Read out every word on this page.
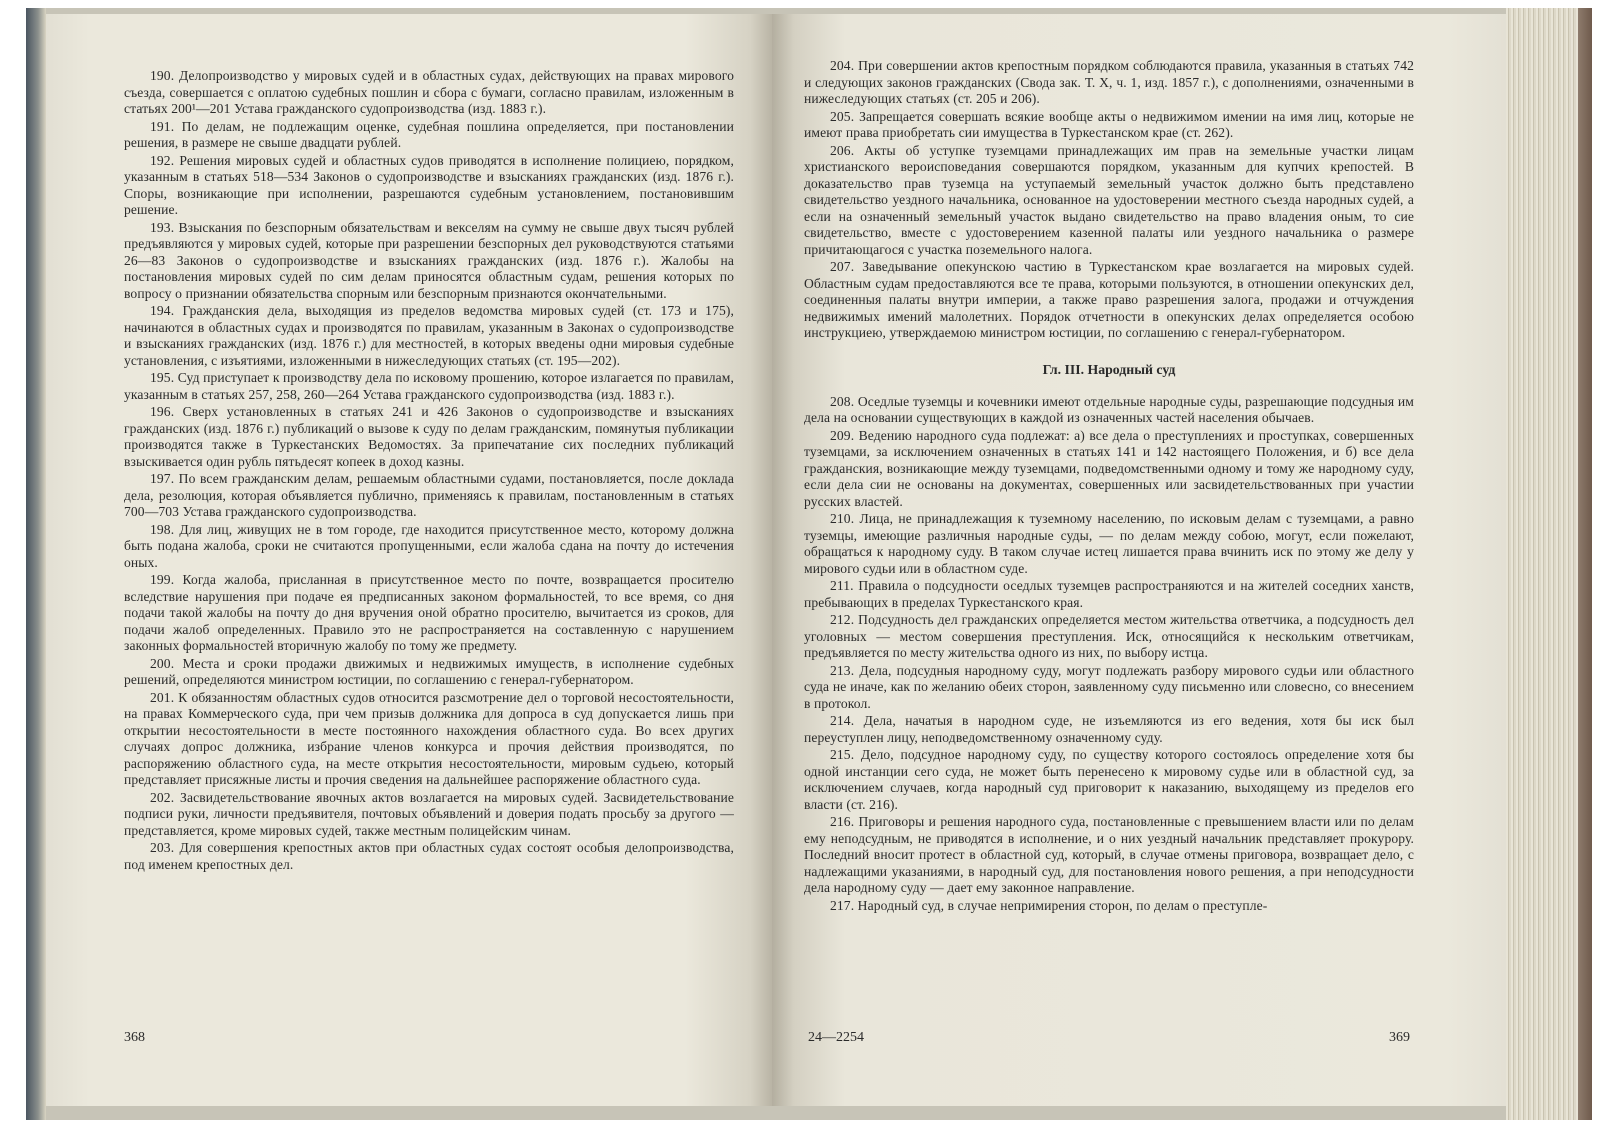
190. Делопроизводство у мировых судей и в областных судах, действующих на правах мирового съезда, совершается с оплатою судебных пошлин и сбора с бумаги, согласно правилам, изложенным в статьях 200¹—201 Устава гражданского судопроизводства (изд. 1883 г.).

191. По делам, не подлежащим оценке, судебная пошлина определяется, при постановлении решения, в размере не свыше двадцати рублей.

192. Решения мировых судей и областных судов приводятся в исполнение полициею, порядком, указанным в статьях 518—534 Законов о судопроизводстве и взысканиях гражданских (изд. 1876 г.). Споры, возникающие при исполнении, разрешаются судебным установлением, постановившим решение.

193. Взыскания по безспорным обязательствам и векселям на сумму не свыше двух тысяч рублей предъявляются у мировых судей, которые при разрешении безспорных дел руководствуются статьями 26—83 Законов о судопроизводстве и взысканиях гражданских (изд. 1876 г.). Жалобы на постановления мировых судей по сим делам приносятся областным судам, решения которых по вопросу о признании обязательства спорным или безспорным признаются окончательными.

194. Гражданския дела, выходящия из пределов ведомства мировых судей (ст. 173 и 175), начинаются в областных судах и производятся по правилам, указанным в Законах о судопроизводстве и взысканиях гражданских (изд. 1876 г.) для местностей, в которых введены одни мировыя судебные установления, с изъятиями, изложенными в нижеследующих статьях (ст. 195—202).

195. Суд приступает к производству дела по исковому прошению, которое излагается по правилам, указанным в статьях 257, 258, 260—264 Устава гражданского судопроизводства (изд. 1883 г.).

196. Сверх установленных в статьях 241 и 426 Законов о судопроизводстве и взысканиях гражданских (изд. 1876 г.) публикаций о вызове к суду по делам гражданским, помянутыя публикации производятся также в Туркестанских Ведомостях. За припечатание сих последних публикаций взыскивается один рубль пятьдесят копеек в доход казны.

197. По всем гражданским делам, решаемым областными судами, постановляется, после доклада дела, резолюция, которая объявляется публично, применяясь к правилам, постановленным в статьях 700—703 Устава гражданского судопроизводства.

198. Для лиц, живущих не в том городе, где находится присутственное место, которому должна быть подана жалоба, сроки не считаются пропущенными, если жалоба сдана на почту до истечения оных.

199. Когда жалоба, присланная в присутственное место по почте, возвращается просителю вследствие нарушения при подаче ея предписанных законом формальностей, то все время, со дня подачи такой жалобы на почту до дня вручения оной обратно просителю, вычитается из сроков, для подачи жалоб определенных. Правило это не распространяется на составленную с нарушением законных формальностей вторичную жалобу по тому же предмету.

200. Места и сроки продажи движимых и недвижимых имуществ, в исполнение судебных решений, определяются министром юстиции, по соглашению с генерал-губернатором.

201. К обязанностям областных судов относится разсмотрение дел о торговой несостоятельности, на правах Коммерческого суда, при чем призыв должника для допроса в суд допускается лишь при открытии несостоятельности в месте постоянного нахождения областного суда. Во всех других случаях допрос должника, избрание членов конкурса и прочия действия производятся, по распоряжению областного суда, на месте открытия несостоятельности, мировым судьею, который представляет присяжные листы и прочия сведения на дальнейшее распоряжение областного суда.

202. Засвидетельствование явочных актов возлагается на мировых судей. Засвидетельствование подписи руки, личности предъявителя, почтовых объявлений и доверия подать просьбу за другого — представляется, кроме мировых судей, также местным полицейским чинам.

203. Для совершения крепостных актов при областных судах состоят особыя делопроизводства, под именем крепостных дел.

368

204. При совершении актов крепостным порядком соблюдаются правила, указанныя в статьях 742 и следующих законов гражданских (Свода зак. Т. X, ч. 1, изд. 1857 г.), с дополнениями, означенными в нижеследующих статьях (ст. 205 и 206).

205. Запрещается совершать всякие вообще акты о недвижимом имении на имя лиц, которые не имеют права приобретать сии имущества в Туркестанском крае (ст. 262).

206. Акты об уступке туземцами принадлежащих им прав на земельные участки лицам христианского вероисповедания совершаются порядком, указанным для купчих крепостей. В доказательство прав туземца на уступаемый земельный участок должно быть представлено свидетельство уездного начальника, основанное на удостоверении местного съезда народных судей, а если на означенный земельный участок выдано свидетельство на право владения оным, то сие свидетельство, вместе с удостоверением казенной палаты или уездного начальника о размере причитающагося с участка поземельного налога.

207. Заведывание опекунскою частию в Туркестанском крае возлагается на мировых судей. Областным судам предоставляются все те права, которыми пользуются, в отношении опекунских дел, соединенныя палаты внутри империи, а также право разрешения залога, продажи и отчуждения недвижимых имений малолетних. Порядок отчетности в опекунских делах определяется особою инструкциею, утверждаемою министром юстиции, по соглашению с генерал-губернатором.

Гл. III. Народный суд

208. Оседлые туземцы и кочевники имеют отдельные народные суды, разрешающие подсудныя им дела на основании существующих в каждой из означенных частей населения обычаев.

209. Ведению народного суда подлежат: а) все дела о преступлениях и проступках, совершенных туземцами, за исключением означенных в статьях 141 и 142 настоящего Положения, и б) все дела гражданския, возникающие между туземцами, подведомственными одному и тому же народному суду, если дела сии не основаны на документах, совершенных или засвидетельствованных при участии русских властей.

210. Лица, не принадлежащия к туземному населению, по исковым делам с туземцами, а равно туземцы, имеющие различныя народные суды, — по делам между собою, могут, если пожелают, обращаться к народному суду. В таком случае истец лишается права вчинить иск по этому же делу у мирового судьи или в областном суде.

211. Правила о подсудности оседлых туземцев распространяются и на жителей соседних ханств, пребывающих в пределах Туркестанского края.

212. Подсудность дел гражданских определяется местом жительства ответчика, а подсудность дел уголовных — местом совершения преступления. Иск, относящийся к нескольким ответчикам, предъявляется по месту жительства одного из них, по выбору истца.

213. Дела, подсудныя народному суду, могут подлежать разбору мирового судьи или областного суда не иначе, как по желанию обеих сторон, заявленному суду письменно или словесно, со внесением в протокол.

214. Дела, начатыя в народном суде, не изъемляются из его ведения, хотя бы иск был переуступлен лицу, неподведомственному означенному суду.

215. Дело, подсудное народному суду, по существу которого состоялось определение хотя бы одной инстанции сего суда, не может быть перенесено к мировому судье или в областной суд, за исключением случаев, когда народный суд приговорит к наказанию, выходящему из пределов его власти (ст. 216).

216. Приговоры и решения народного суда, постановленные с превышением власти или по делам ему неподсудным, не приводятся в исполнение, и о них уездный начальник представляет прокурору. Последний вносит протест в областной суд, который, в случае отмены приговора, возвращает дело, с надлежащими указаниями, в народный суд, для постановления нового решения, а при неподсудности дела народному суду — дает ему законное направление.

217. Народный суд, в случае непримирения сторон, по делам о преступле-

24—2254	369
